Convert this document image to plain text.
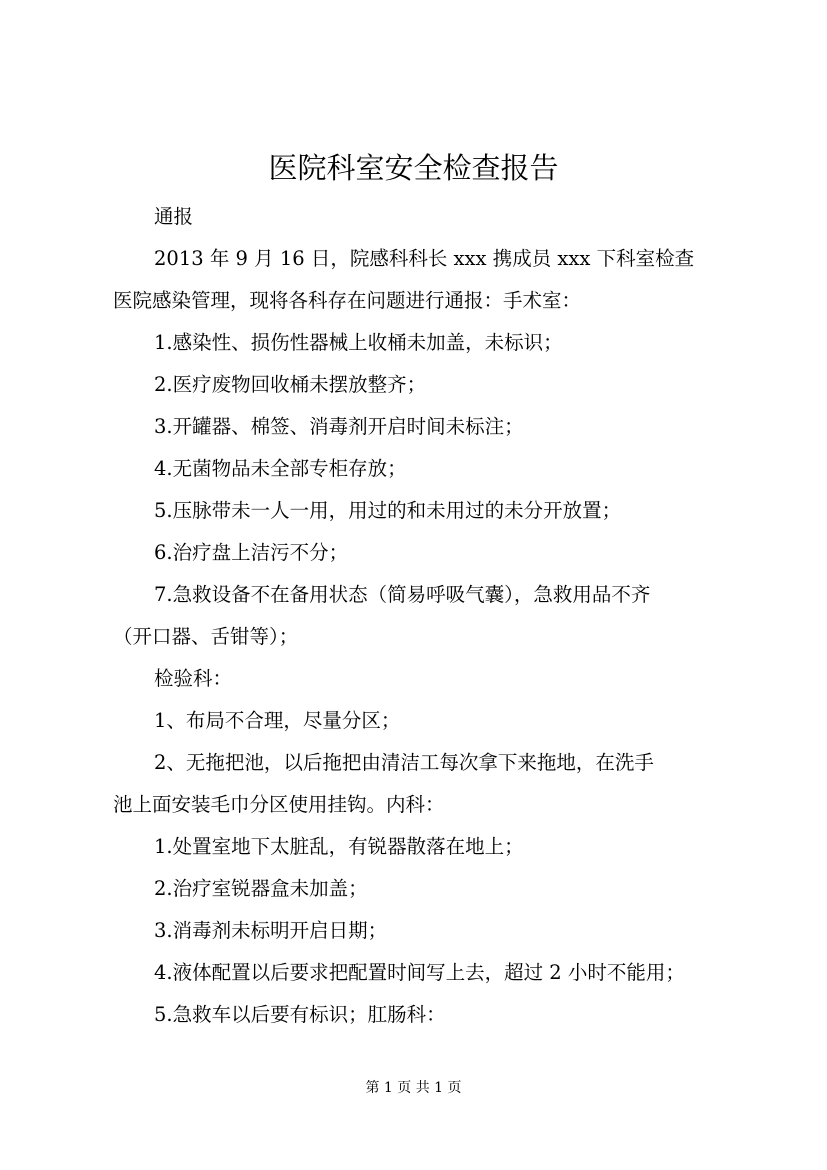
医院科室安全检查报告

通报

2013 年 9 月 16 日，院感科科长 xxx 携成员 xxx 下科室检查

医院感染管理，现将各科存在问题进行通报：手术室：

1.感染性、损伤性器械上收桶未加盖，未标识；

2.医疗废物回收桶未摆放整齐；

3.开罐器、棉签、消毒剂开启时间未标注；

4.无菌物品未全部专柜存放；

5.压脉带未一人一用，用过的和未用过的未分开放置；

6.治疗盘上洁污不分；

7.急救设备不在备用状态（简易呼吸气囊），急救用品不齐

（开口器、舌钳等）；

检验科：

1、布局不合理，尽量分区；

2、无拖把池，以后拖把由清洁工每次拿下来拖地，在洗手

池上面安装毛巾分区使用挂钩。内科：

1.处置室地下太脏乱，有锐器散落在地上；

2.治疗室锐器盒未加盖；

3.消毒剂未标明开启日期；

4.液体配置以后要求把配置时间写上去，超过 2 小时不能用；

5.急救车以后要有标识；肛肠科：

第 1 页 共 1 页
